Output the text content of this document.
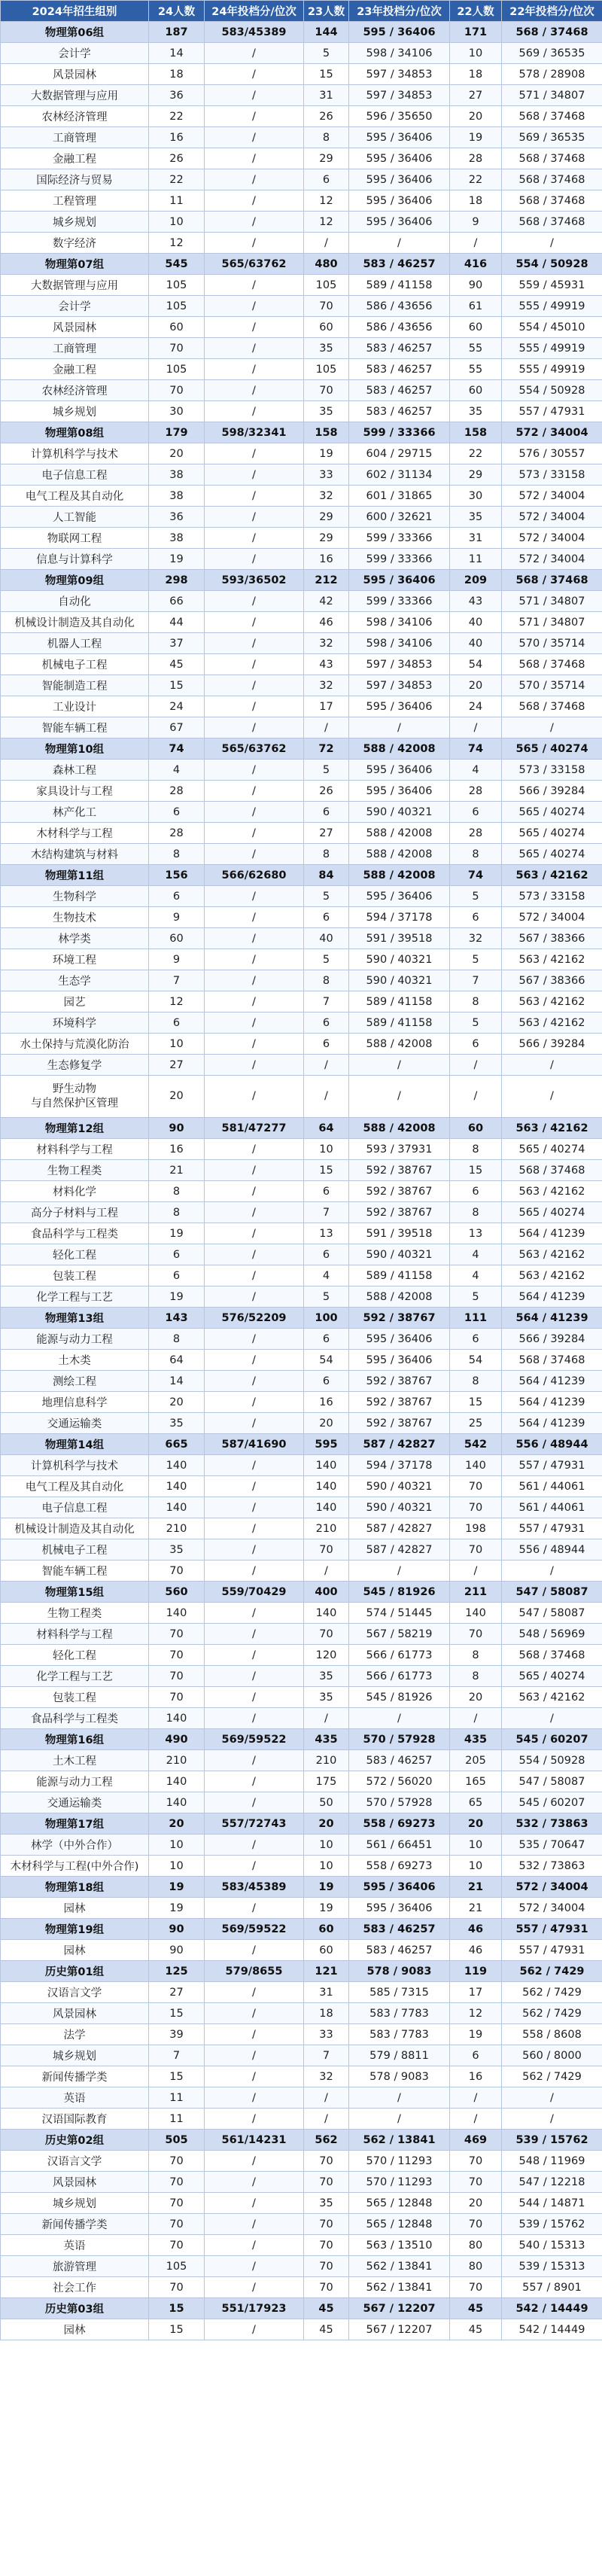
2024年招生组别	24人数	24年投档分/位次	23人数	23年投档分/位次	22人数	22年投档分/位次
物理第06组	187	583/45389	144	595 / 36406	171	568 / 37468
会计学	14	/	5	598 / 34106	10	569 / 36535
风景园林	18	/	15	597 / 34853	18	578 / 28908
大数据管理与应用	36	/	31	597 / 34853	27	571 / 34807
农林经济管理	22	/	26	596 / 35650	20	568 / 37468
工商管理	16	/	8	595 / 36406	19	569 / 36535
金融工程	26	/	29	595 / 36406	28	568 / 37468
国际经济与贸易	22	/	6	595 / 36406	22	568 / 37468
工程管理	11	/	12	595 / 36406	18	568 / 37468
城乡规划	10	/	12	595 / 36406	9	568 / 37468
数字经济	12	/	/	/	/	/
物理第07组	545	565/63762	480	583 / 46257	416	554 / 50928
大数据管理与应用	105	/	105	589 / 41158	90	559 / 45931
会计学	105	/	70	586 / 43656	61	555 / 49919
风景园林	60	/	60	586 / 43656	60	554 / 45010
工商管理	70	/	35	583 / 46257	55	555 / 49919
金融工程	105	/	105	583 / 46257	55	555 / 49919
农林经济管理	70	/	70	583 / 46257	60	554 / 50928
城乡规划	30	/	35	583 / 46257	35	557 / 47931
物理第08组	179	598/32341	158	599 / 33366	158	572 / 34004
计算机科学与技术	20	/	19	604 / 29715	22	576 / 30557
电子信息工程	38	/	33	602 / 31134	29	573 / 33158
电气工程及其自动化	38	/	32	601 / 31865	30	572 / 34004
人工智能	36	/	29	600 / 32621	35	572 / 34004
物联网工程	38	/	29	599 / 33366	31	572 / 34004
信息与计算科学	19	/	16	599 / 33366	11	572 / 34004
物理第09组	298	593/36502	212	595 / 36406	209	568 / 37468
自动化	66	/	42	599 / 33366	43	571 / 34807
机械设计制造及其自动化	44	/	46	598 / 34106	40	571 / 34807
机器人工程	37	/	32	598 / 34106	40	570 / 35714
机械电子工程	45	/	43	597 / 34853	54	568 / 37468
智能制造工程	15	/	32	597 / 34853	20	570 / 35714
工业设计	24	/	17	595 / 36406	24	568 / 37468
智能车辆工程	67	/	/	/	/	/
物理第10组	74	565/63762	72	588 / 42008	74	565 / 40274
森林工程	4	/	5	595 / 36406	4	573 / 33158
家具设计与工程	28	/	26	595 / 36406	28	566 / 39284
林产化工	6	/	6	590 / 40321	6	565 / 40274
木材科学与工程	28	/	27	588 / 42008	28	565 / 40274
木结构建筑与材料	8	/	8	588 / 42008	8	565 / 40274
物理第11组	156	566/62680	84	588 / 42008	74	563 / 42162
生物科学	6	/	5	595 / 36406	5	573 / 33158
生物技术	9	/	6	594 / 37178	6	572 / 34004
林学类	60	/	40	591 / 39518	32	567 / 38366
环境工程	9	/	5	590 / 40321	5	563 / 42162
生态学	7	/	8	590 / 40321	7	567 / 38366
园艺	12	/	7	589 / 41158	8	563 / 42162
环境科学	6	/	6	589 / 41158	5	563 / 42162
水土保持与荒漠化防治	10	/	6	588 / 42008	6	566 / 39284
生态修复学	27	/	/	/	/	/
野生动物
与自然保护区管理	20	/	/	/	/	/
物理第12组	90	581/47277	64	588 / 42008	60	563 / 42162
材料科学与工程	16	/	10	593 / 37931	8	565 / 40274
生物工程类	21	/	15	592 / 38767	15	568 / 37468
材料化学	8	/	6	592 / 38767	6	563 / 42162
高分子材料与工程	8	/	7	592 / 38767	8	565 / 40274
食品科学与工程类	19	/	13	591 / 39518	13	564 / 41239
轻化工程	6	/	6	590 / 40321	4	563 / 42162
包装工程	6	/	4	589 / 41158	4	563 / 42162
化学工程与工艺	19	/	5	588 / 42008	5	564 / 41239
物理第13组	143	576/52209	100	592 / 38767	111	564 / 41239
能源与动力工程	8	/	6	595 / 36406	6	566 / 39284
土木类	64	/	54	595 / 36406	54	568 / 37468
测绘工程	14	/	6	592 / 38767	8	564 / 41239
地理信息科学	20	/	16	592 / 38767	15	564 / 41239
交通运输类	35	/	20	592 / 38767	25	564 / 41239
物理第14组	665	587/41690	595	587 / 42827	542	556 / 48944
计算机科学与技术	140	/	140	594 / 37178	140	557 / 47931
电气工程及其自动化	140	/	140	590 / 40321	70	561 / 44061
电子信息工程	140	/	140	590 / 40321	70	561 / 44061
机械设计制造及其自动化	210	/	210	587 / 42827	198	557 / 47931
机械电子工程	35	/	70	587 / 42827	70	556 / 48944
智能车辆工程	70	/	/	/	/	/
物理第15组	560	559/70429	400	545 / 81926	211	547 / 58087
生物工程类	140	/	140	574 / 51445	140	547 / 58087
材料科学与工程	70	/	70	567 / 58219	70	548 / 56969
轻化工程	70	/	120	566 / 61773	8	568 / 37468
化学工程与工艺	70	/	35	566 / 61773	8	565 / 40274
包装工程	70	/	35	545 / 81926	20	563 / 42162
食品科学与工程类	140	/	/	/	/	/
物理第16组	490	569/59522	435	570 / 57928	435	545 / 60207
土木工程	210	/	210	583 / 46257	205	554 / 50928
能源与动力工程	140	/	175	572 / 56020	165	547 / 58087
交通运输类	140	/	50	570 / 57928	65	545 / 60207
物理第17组	20	557/72743	20	558 / 69273	20	532 / 73863
林学（中外合作）	10	/	10	561 / 66451	10	535 / 70647
木材科学与工程(中外合作)	10	/	10	558 / 69273	10	532 / 73863
物理第18组	19	583/45389	19	595 / 36406	21	572 / 34004
园林	19	/	19	595 / 36406	21	572 / 34004
物理第19组	90	569/59522	60	583 / 46257	46	557 / 47931
园林	90	/	60	583 / 46257	46	557 / 47931
历史第01组	125	579/8655	121	578 / 9083	119	562 / 7429
汉语言文学	27	/	31	585 / 7315	17	562 / 7429
风景园林	15	/	18	583 / 7783	12	562 / 7429
法学	39	/	33	583 / 7783	19	558 / 8608
城乡规划	7	/	7	579 / 8811	6	560 / 8000
新闻传播学类	15	/	32	578 / 9083	16	562 / 7429
英语	11	/	/	/	/	/
汉语国际教育	11	/	/	/	/	/
历史第02组	505	561/14231	562	562 / 13841	469	539 / 15762
汉语言文学	70	/	70	570 / 11293	70	548 / 11969
风景园林	70	/	70	570 / 11293	70	547 / 12218
城乡规划	70	/	35	565 / 12848	20	544 / 14871
新闻传播学类	70	/	70	565 / 12848	70	539 / 15762
英语	70	/	70	563 / 13510	80	540 / 15313
旅游管理	105	/	70	562 / 13841	80	539 / 15313
社会工作	70	/	70	562 / 13841	70	557 / 8901
历史第03组	15	551/17923	45	567 / 12207	45	542 / 14449
园林	15	/	45	567 / 12207	45	542 / 14449
